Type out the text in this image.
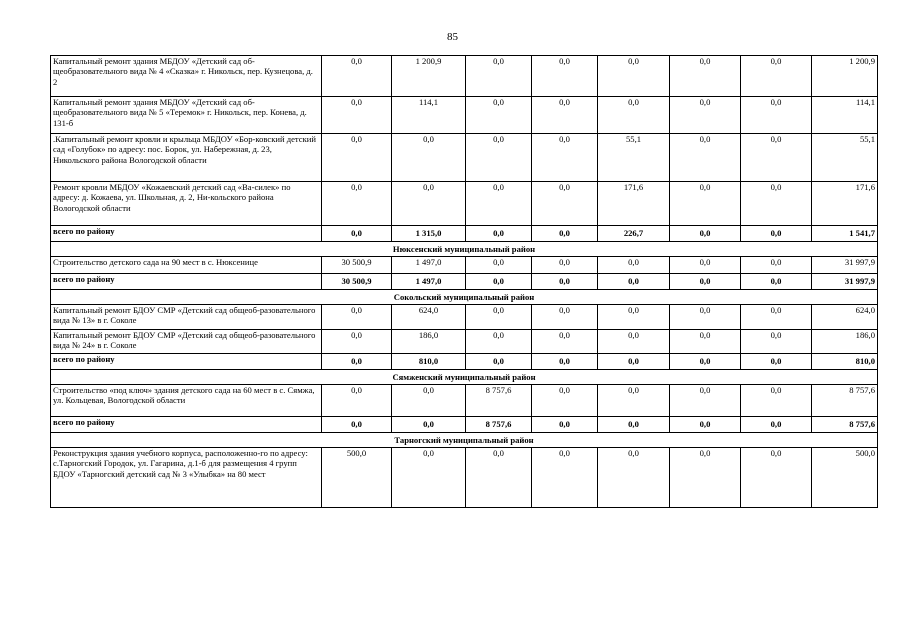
85
Капитальный ремонт здания МБДОУ «Детский сад об-щеобразовательного вида № 4 «Сказка» г. Никольск, пер. Кузнецова, д. 2	0,0	1 200,9	0,0	0,0	0,0	0,0	0,0	1 200,9
Капитальный ремонт здания МБДОУ «Детский сад об-щеобразовательного вида № 5 «Теремок» г. Никольск, пер. Конева, д. 131-б	0,0	114,1	0,0	0,0	0,0	0,0	0,0	114,1
.Капитальный ремонт кровли и крыльца МБДОУ «Бор-ковский детский сад «Голубок» по адресу: пос. Борок, ул. Набережная, д. 23, Никольского района Вологодской области	0,0	0,0	0,0	0,0	55,1	0,0	0,0	55,1
Ремонт кровли МБДОУ «Кожаевский детский сад «Ва-силек» по адресу: д. Кожаева, ул. Школьная, д. 2, Ни-кольского района Вологодской области	0,0	0,0	0,0	0,0	171,6	0,0	0,0	171,6
всего по району	0,0	1 315,0	0,0	0,0	226,7	0,0	0,0	1 541,7
Нюксенский муниципальный район								
Строительство детского сада на 90 мест в с. Нюксенице	30 500,9	1 497,0	0,0	0,0	0,0	0,0	0,0	31 997,9
всего по району	30 500,9	1 497,0	0,0	0,0	0,0	0,0	0,0	31 997,9
Сокольский муниципальный район								
Капитальный ремонт БДОУ СМР «Детский сад общеоб-разовательного вида № 13» в г. Соколе	0,0	624,0	0,0	0,0	0,0	0,0	0,0	624,0
Капитальный ремонт БДОУ СМР «Детский сад общеоб-разовательного вида № 24» в г. Соколе	0,0	186,0	0,0	0,0	0,0	0,0	0,0	186,0
всего по району	0,0	810,0	0,0	0,0	0,0	0,0	0,0	810,0
Сямженский муниципальный район								
Строительство «под ключ» здания детского сада на 60 мест в с. Сямжа, ул. Кольцевая, Вологодской области	0,0	0,0	8 757,6	0,0	0,0	0,0	0,0	8 757,6
всего по району	0,0	0,0	8 757,6	0,0	0,0	0,0	0,0	8 757,6
Тарногский муниципальный район								
Реконструкция здания учебного корпуса, расположенно-го по адресу: с.Тарногский Городок, ул. Гагарина, д.1-б для размещения 4 групп БДОУ «Тарногский детский сад № 3 «Улыбка» на 80 мест	500,0	0,0	0,0	0,0	0,0	0,0	0,0	500,0
